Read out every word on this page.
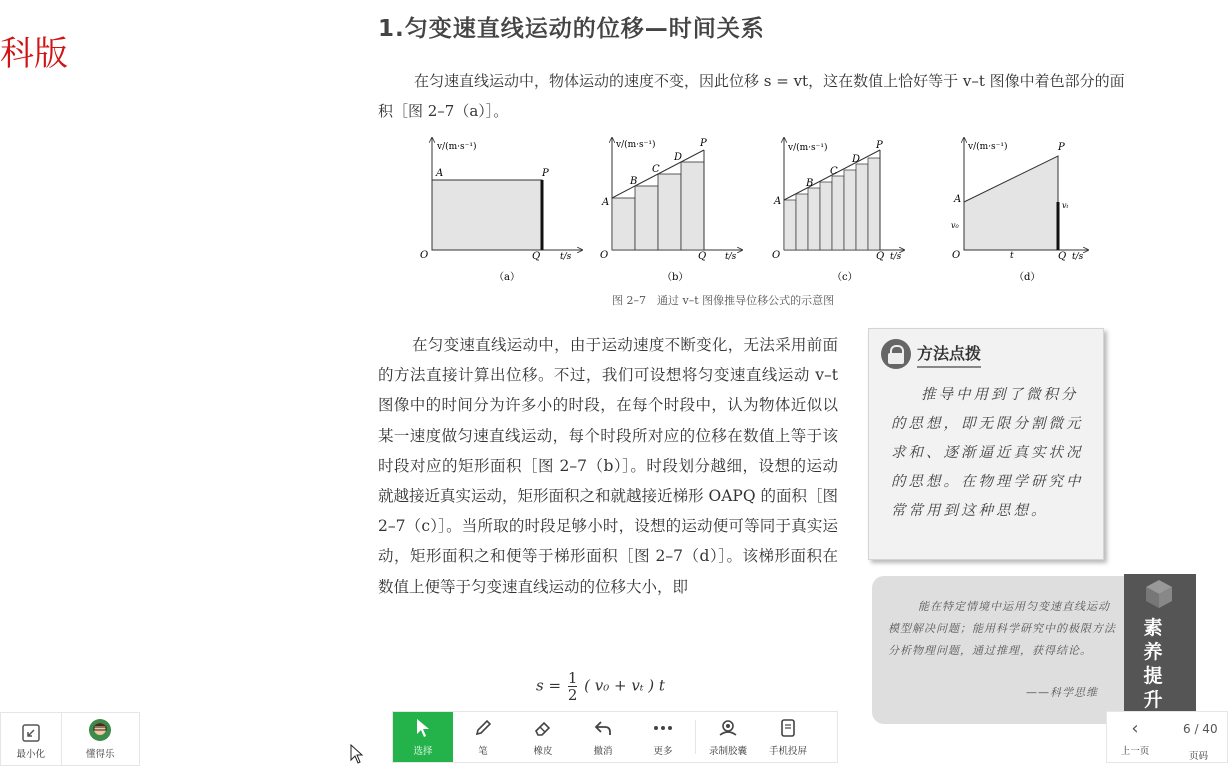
科版
1.匀变速直线运动的位移—时间关系
在匀速直线运动中，物体运动的速度不变，因此位移 s = vt，这在数值上恰好等于 v–t 图像中着色部分的面积［图 2–7（a）］。
v/(m·s⁻¹)
A	P
O	Q t/s
（a）
v/(m·s⁻¹)
A
B
C
D
P
O	Q t/s
（b）
v/(m·s⁻¹)
A
B
C
D
P
O	Q t/s
（c）
v/(m·s⁻¹)
A
P
O	Q
v₀
vₜ
t	t/s
（d）
图 2–7　通过 v–t 图像推导位移公式的示意图

在匀变速直线运动中，由于运动速度不断变化，无法采用前面的方法直接计算出位移。不过，我们可设想将匀变速直线运动 v–t 图像中的时间分为许多小的时段，在每个时段中，认为物体近似以某一速度做匀速直线运动，每个时段所对应的位移在数值上等于该时段对应的矩形面积［图 2–7（b）］。时段划分越细，设想的运动就越接近真实运动，矩形面积之和就越接近梯形 OAPQ 的面积［图 2–7（c）］。当所取的时段足够小时，设想的运动便可等同于真实运动，矩形面积之和便等于梯形面积［图 2–7（d）］。该梯形面积在数值上便等于匀变速直线运动的位移大小，即

$s = \frac{1}{2}$ ( v₀ + vₜ ) t
方法点拨
推导中用到了微积分的思想，即无限分割微元求和、逐渐逼近真实状况的思想。在物理学研究中常常用到这种思想。
能在特定情境中运用匀变速直线运动模型解决问题；能用科学研究中的极限方法分析物理问题，通过推理，获得结论。
——科学思维
素养提升
最小化	懂得乐	选择	笔	橡皮	撤消	更多	录制胶囊 手机投屏
‹
上一页
6 / 40
页码
